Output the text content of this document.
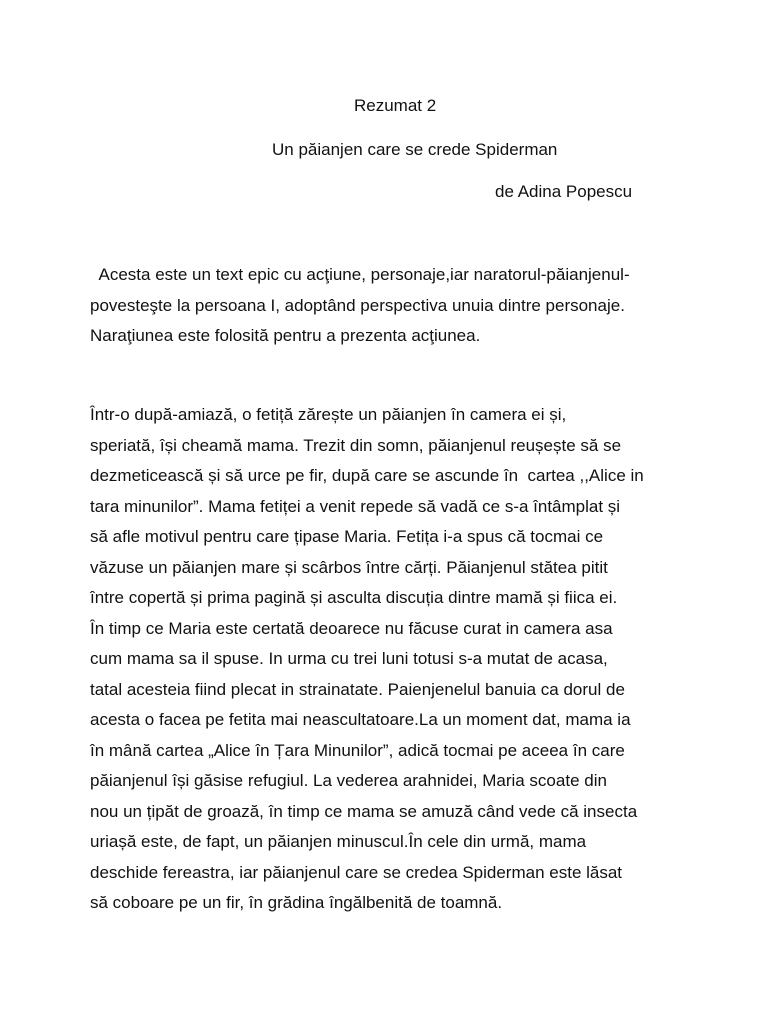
Rezumat 2
Un păianjen care se crede Spiderman
de Adina Popescu
Acesta este un text epic cu acţiune, personaje,iar naratorul-păianjenul-
povesteşte la persoana I, adoptând perspectiva unuia dintre personaje.
Naraţiunea este folosită pentru a prezenta acţiunea.
Într-o după-amiază, o fetiță zărește un păianjen în camera ei și,
speriată, își cheamă mama. Trezit din somn, păianjenul reușește să se
dezmeticească și să urce pe fir, după care se ascunde în  cartea ,,Alice in
tara minunilor”. Mama fetiței a venit repede să vadă ce s-a întâmplat și
să afle motivul pentru care țipase Maria. Fetița i-a spus că tocmai ce
văzuse un păianjen mare și scârbos între cărți. Păianjenul stătea pitit
între copertă și prima pagină și asculta discuția dintre mamă și fiica ei.
În timp ce Maria este certată deoarece nu făcuse curat in camera asa
cum mama sa il spuse. In urma cu trei luni totusi s-a mutat de acasa,
tatal acesteia fiind plecat in strainatate. Paienjenelul banuia ca dorul de
acesta o facea pe fetita mai neascultatoare.La un moment dat, mama ia
în mână cartea „Alice în Țara Minunilor”, adică tocmai pe aceea în care
păianjenul își găsise refugiul. La vederea arahnidei, Maria scoate din
nou un țipăt de groază, în timp ce mama se amuză când vede că insecta
uriașă este, de fapt, un păianjen minuscul.În cele din urmă, mama
deschide fereastra, iar păianjenul care se credea Spiderman este lăsat
să coboare pe un fir, în grădina îngălbenită de toamnă.
